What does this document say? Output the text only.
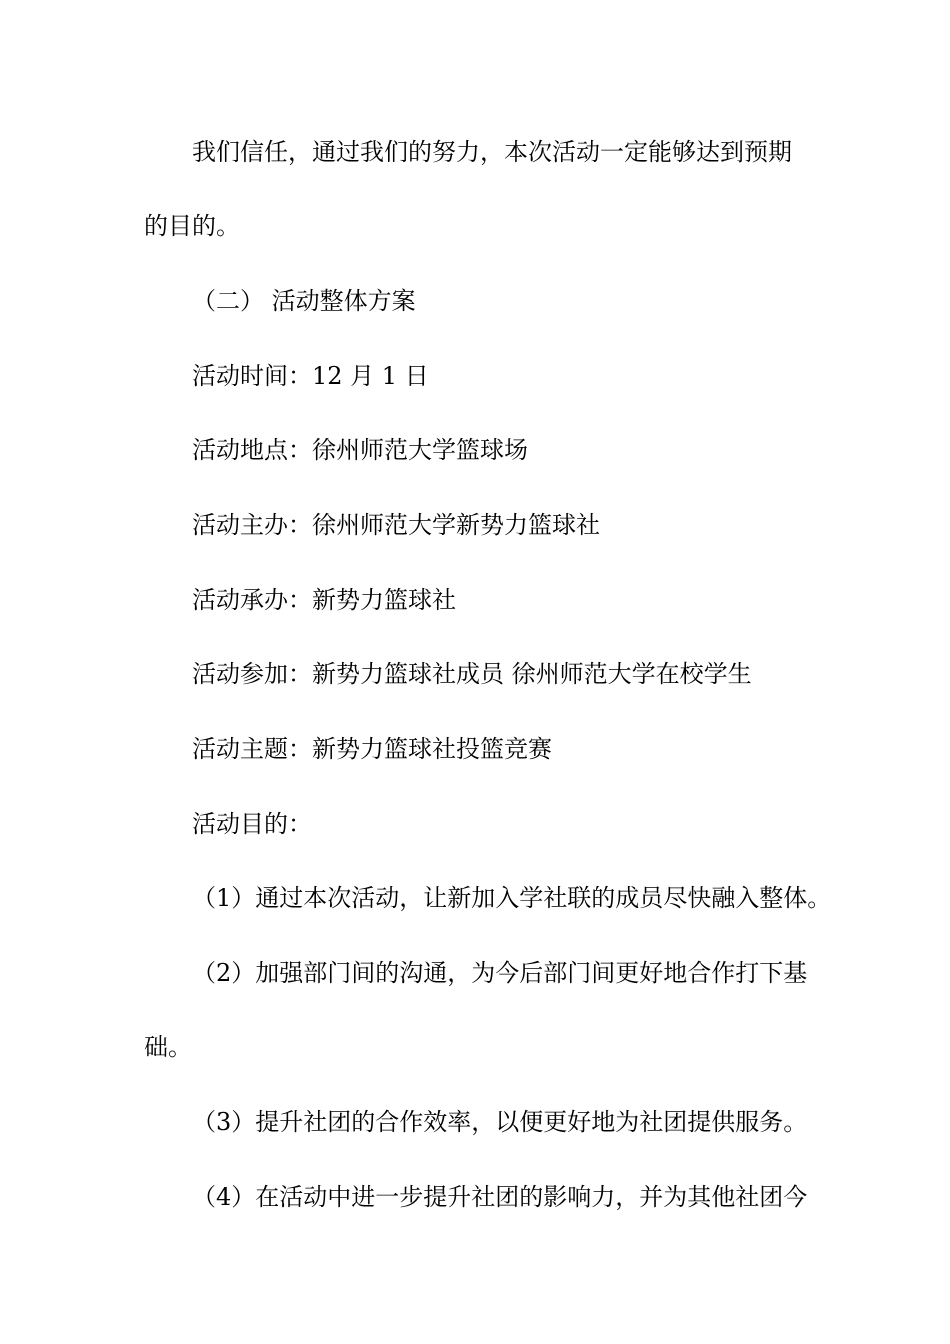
我们信任，通过我们的努力，本次活动一定能够达到预期
的目的。
（二） 活动整体方案
活动时间：12 月 1 日
活动地点：徐州师范大学篮球场
活动主办：徐州师范大学新势力篮球社
活动承办：新势力篮球社
活动参加：新势力篮球社成员 徐州师范大学在校学生
活动主题：新势力篮球社投篮竞赛
活动目的：
（1）通过本次活动，让新加入学社联的成员尽快融入整体。
（2）加强部门间的沟通，为今后部门间更好地合作打下基
础。
（3）提升社团的合作效率，以便更好地为社团提供服务。
（4）在活动中进一步提升社团的影响力，并为其他社团今
